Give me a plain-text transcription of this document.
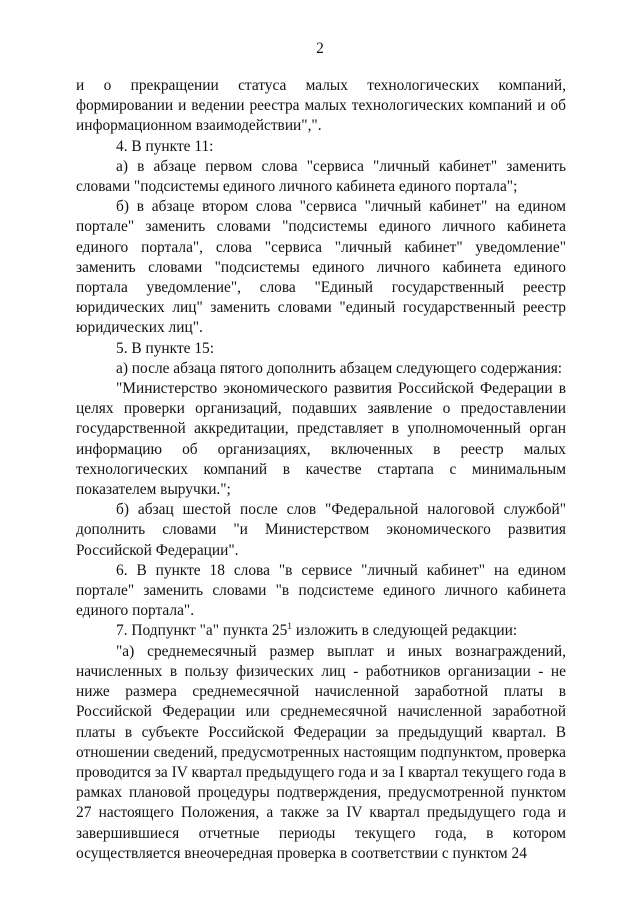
2

и о прекращении статуса малых технологических компаний, формировании и ведении реестра малых технологических компаний и об информационном взаимодействии",".

4. В пункте 11:

а) в абзаце первом слова "сервиса "личный кабинет" заменить словами "подсистемы единого личного кабинета единого портала";

б) в абзаце втором слова "сервиса "личный кабинет" на едином портале" заменить словами "подсистемы единого личного кабинета единого портала", слова "сервиса "личный кабинет" уведомление" заменить словами "подсистемы единого личного кабинета единого портала уведомление", слова "Единый государственный реестр юридических лиц" заменить словами "единый государственный реестр юридических лиц".

5. В пункте 15:

а) после абзаца пятого дополнить абзацем следующего содержания:

"Министерство экономического развития Российской Федерации в целях проверки организаций, подавших заявление о предоставлении государственной аккредитации, представляет в уполномоченный орган информацию об организациях, включенных в реестр малых технологических компаний в качестве стартапа с минимальным показателем выручки.";

б) абзац шестой после слов "Федеральной налоговой службой" дополнить словами "и Министерством экономического развития Российской Федерации".

6. В пункте 18 слова "в сервисе "личный кабинет" на едином портале" заменить словами "в подсистеме единого личного кабинета единого портала".

7. Подпункт "а" пункта $25^1$ изложить в следующей редакции:

"а) среднемесячный размер выплат и иных вознаграждений, начисленных в пользу физических лиц - работников организации - не ниже размера среднемесячной начисленной заработной платы в Российской Федерации или среднемесячной начисленной заработной платы в субъекте Российской Федерации за предыдущий квартал. В отношении сведений, предусмотренных настоящим подпунктом, проверка проводится за IV квартал предыдущего года и за I квартал текущего года в рамках плановой процедуры подтверждения, предусмотренной пунктом 27 настоящего Положения, а также за IV квартал предыдущего года и завершившиеся отчетные периоды текущего года, в котором осуществляется внеочередная проверка в соответствии с пунктом 24
